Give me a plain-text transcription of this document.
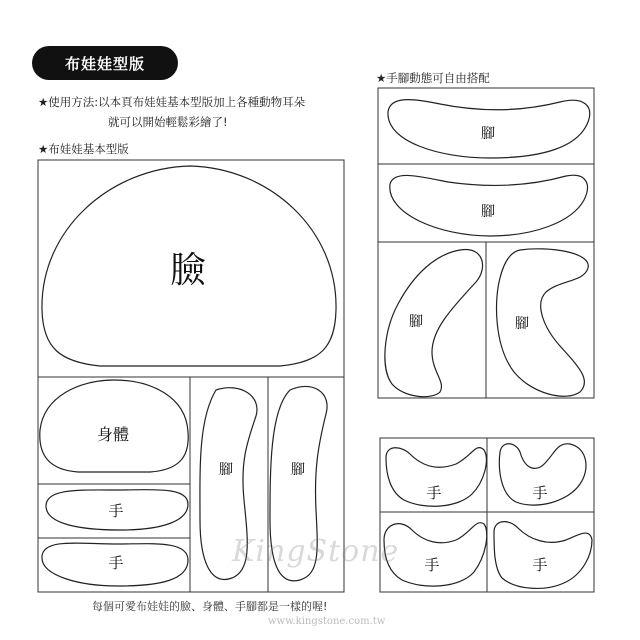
布娃娃型版
★使用方法:以本頁布娃娃基本型版加上各種動物耳朵
就可以開始輕鬆彩繪了!
★布娃娃基本型版
★手腳動態可自由搭配
臉
身體
手
手
腳	腳
腳
腳
腳	腳
手	手
手	手
KingStone
www.kingstone.com.tw
每個可愛布娃娃的臉、身體、手腳都是一樣的喔!
